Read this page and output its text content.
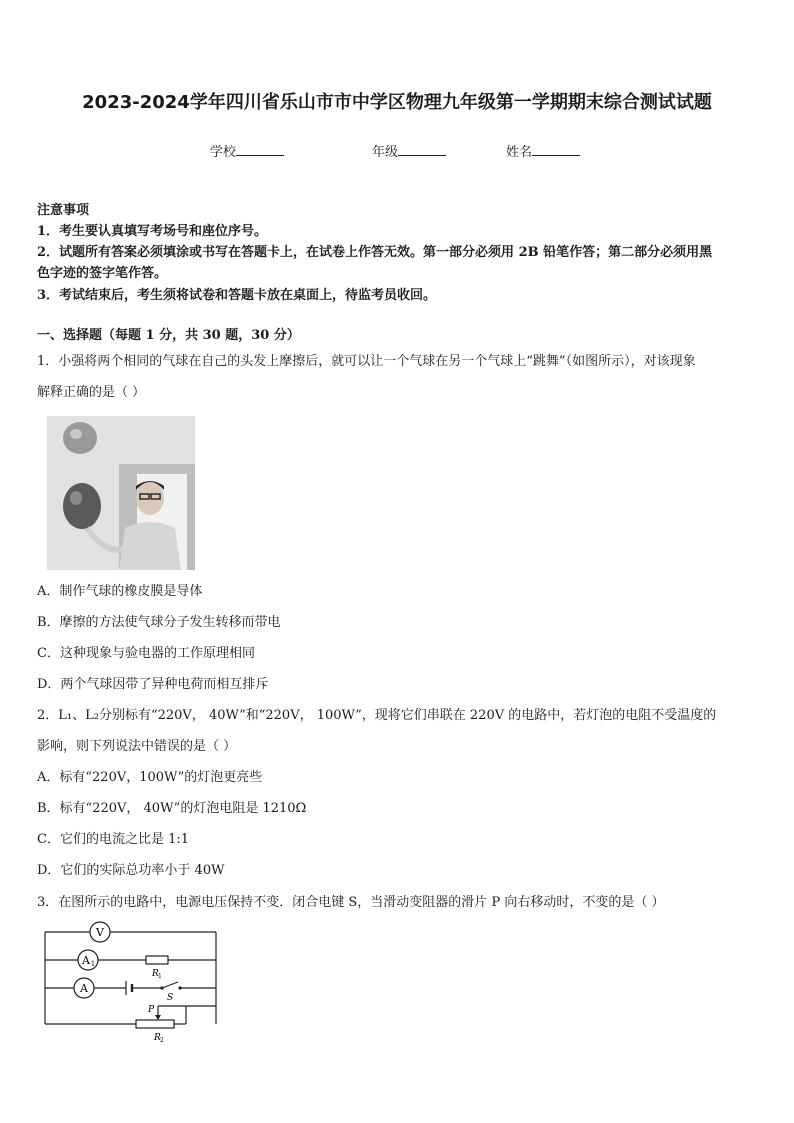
2023-2024学年四川省乐山市市中学区物理九年级第一学期期末综合测试试题
学校	年级	姓名
注意事项
1．考生要认真填写考场号和座位序号。
2．试题所有答案必须填涂或书写在答题卡上，在试卷上作答无效。第一部分必须用 2B 铅笔作答；第二部分必须用黑
色字迹的签字笔作答。
3．考试结束后，考生须将试卷和答题卡放在桌面上，待监考员收回。
一、选择题（每题 1 分，共 30 题，30 分）
1．小强将两个相同的气球在自己的头发上摩擦后，就可以让一个气球在另一个气球上“跳舞”（如图所示），对该现象
解释正确的是（ ）
A．制作气球的橡皮膜是导体
B．摩擦的方法使气球分子发生转移而带电
C．这种现象与验电器的工作原理相同
D．两个气球因带了异种电荷而相互排斥
2．L₁、L₂分别标有“220V， 40W”和“220V， 100W”，现将它们串联在 220V 的电路中，若灯泡的电阻不受温度的
影响，则下列说法中错误的是（ ）
A．标有“220V，100W”的灯泡更亮些
B．标有“220V， 40W”的灯泡电阻是 1210Ω
C．它们的电流之比是 1:1
D．它们的实际总功率小于 40W
3．在图所示的电路中，电源电压保持不变．闭合电键 S，当滑动变阻器的滑片 P 向右移动时，不变的是（ ）
V
A 1
R 1
A
S
P
R 2
